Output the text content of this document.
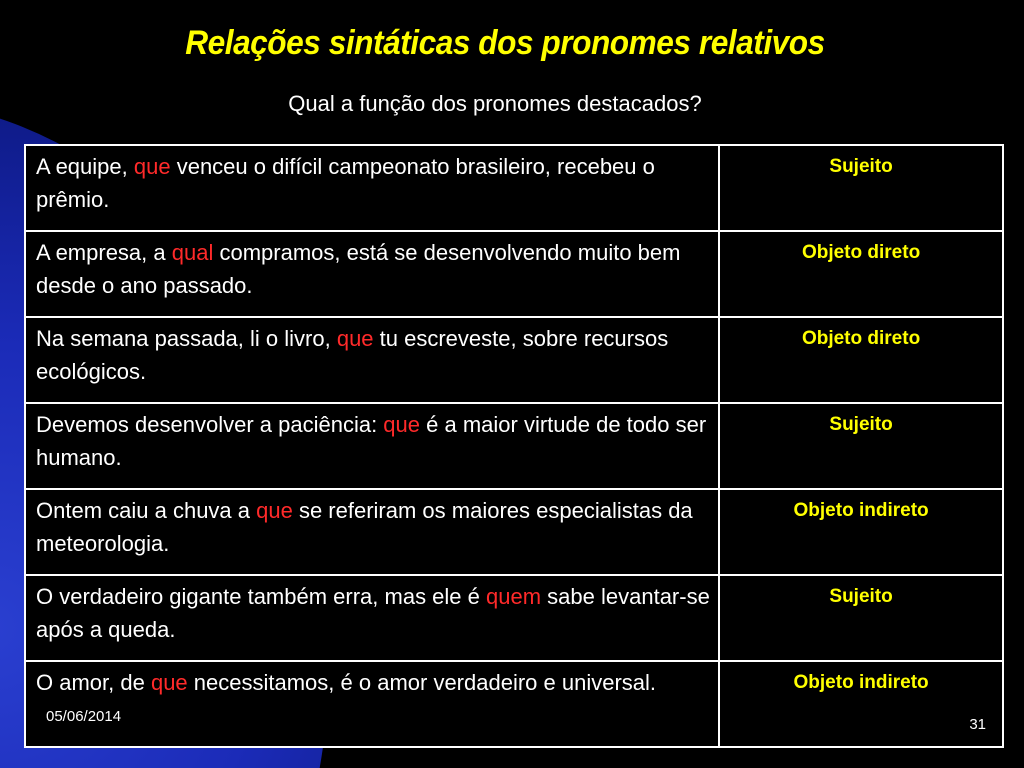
Relações sintáticas dos pronomes relativos
Qual a função dos pronomes destacados?
A equipe, que venceu o difícil campeonato brasileiro, recebeu o prêmio.	Sujeito
A empresa, a qual compramos, está se desenvolvendo muito bem desde o ano passado.	Objeto direto
Na semana passada, li o livro, que tu escreveste, sobre recursos ecológicos.	Objeto direto
Devemos desenvolver a paciência: que é a maior virtude de todo ser humano.	Sujeito
Ontem caiu a chuva a que se referiram os maiores especialistas da meteorologia.	Objeto indireto
O verdadeiro gigante também erra, mas ele é quem sabe levantar-se após a queda.	Sujeito
O amor, de que necessitamos, é o amor verdadeiro e universal.	Objeto indireto
05/06/2014	31
